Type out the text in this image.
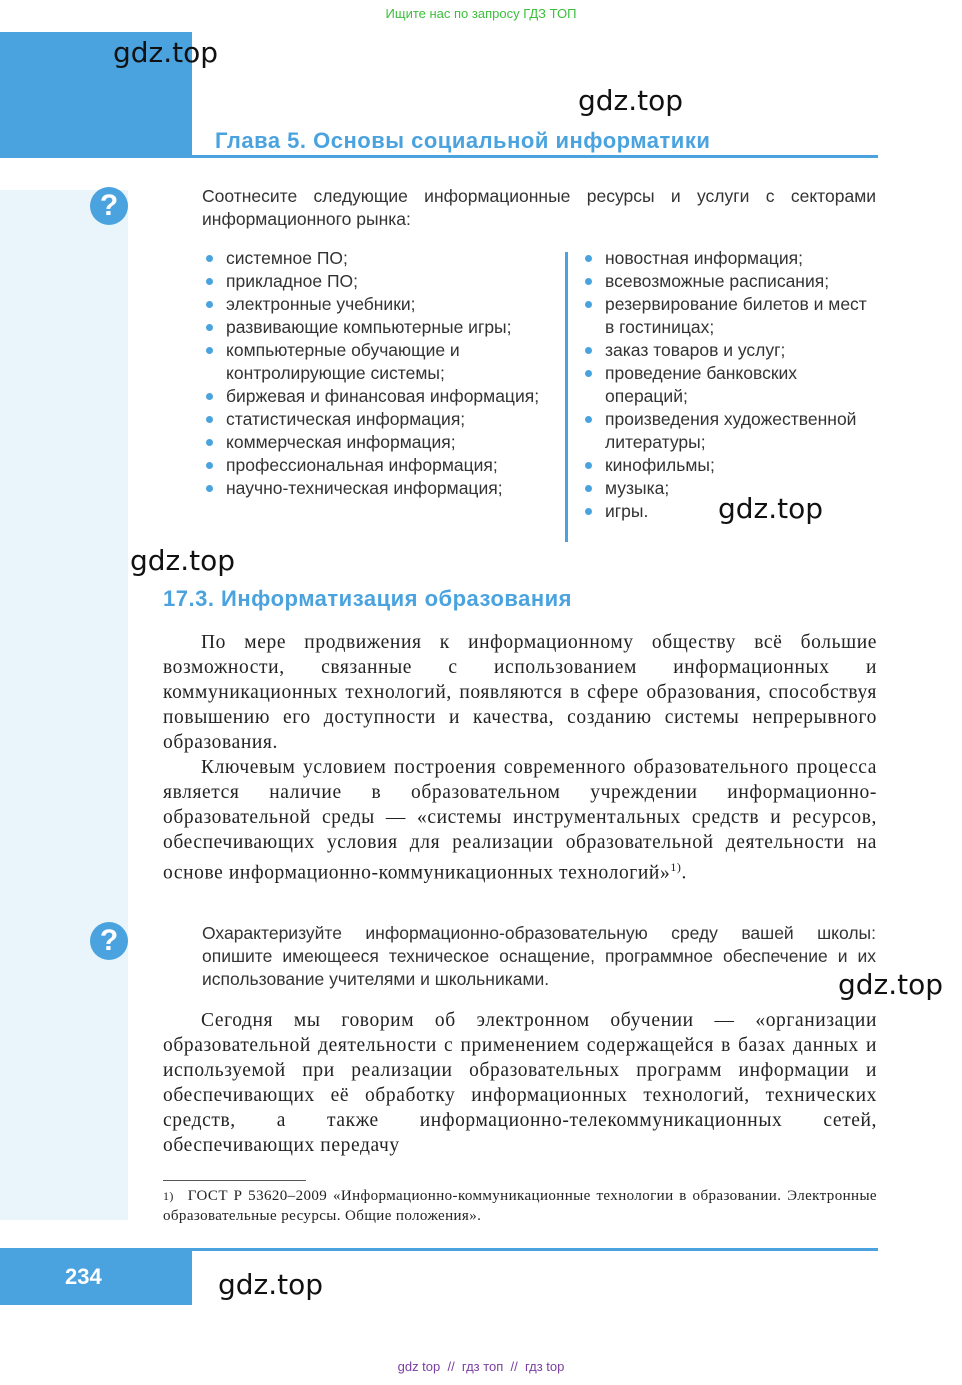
Ищите нас по запросу ГДЗ ТОП
Глава 5. Основы социальной информатики
gdz.top
gdz.top
?	Соотнесите следующие информационные ресурсы и услуги с секторами информационного рынка:
системное ПО;
прикладное ПО;
электронные учебники;
развивающие компьютерные игры;
компьютерные обучающие и контролирующие системы;
биржевая и финансовая информация;
статистическая информация;
коммерческая информация;
профессиональная информация;
научно-техническая информация;
новостная информация;
всевозможные расписания;
резервирование билетов и мест в гостиницах;
заказ товаров и услуг;
проведение банковских операций;
произведения художественной литературы;
кинофильмы;
музыка;
игры.	gdz.top
gdz.top
17.3. Информатизация образования

По мере продвижения к информационному обществу всё большие возможности, связанные с использованием информационных и коммуникационных технологий, появляются в сфере образования, способствуя повышению его доступности и качества, созданию системы непрерывного образования.

Ключевым условием построения современного образовательного процесса является наличие в образовательном учреждении информационно-образовательной среды — «системы инструментальных средств и ресурсов, обеспечивающих условия для реализации образовательной деятельности на основе информационно-коммуникационных технологий»$^{1)}$.

?	Охарактеризуйте информационно-образовательную среду вашей школы: опишите имеющееся техническое оснащение, программное обеспечение и их использование учителями и школьниками.	gdz.top

Сегодня мы говорим об электронном обучении — «организации образовательной деятельности с применением содержащейся в базах данных и используемой при реализации образовательных программ информации и обеспечивающих её обработку информационных технологий, технических средств, а также информационно-телекоммуникационных сетей, обеспечивающих передачу

$^{1)}$ ГОСТ Р 53620–2009 «Информационно-коммуникационные технологии в образовании. Электронные образовательные ресурсы. Общие положения».
234	gdz.top
gdz top  //  гдз топ  //  гдз top
